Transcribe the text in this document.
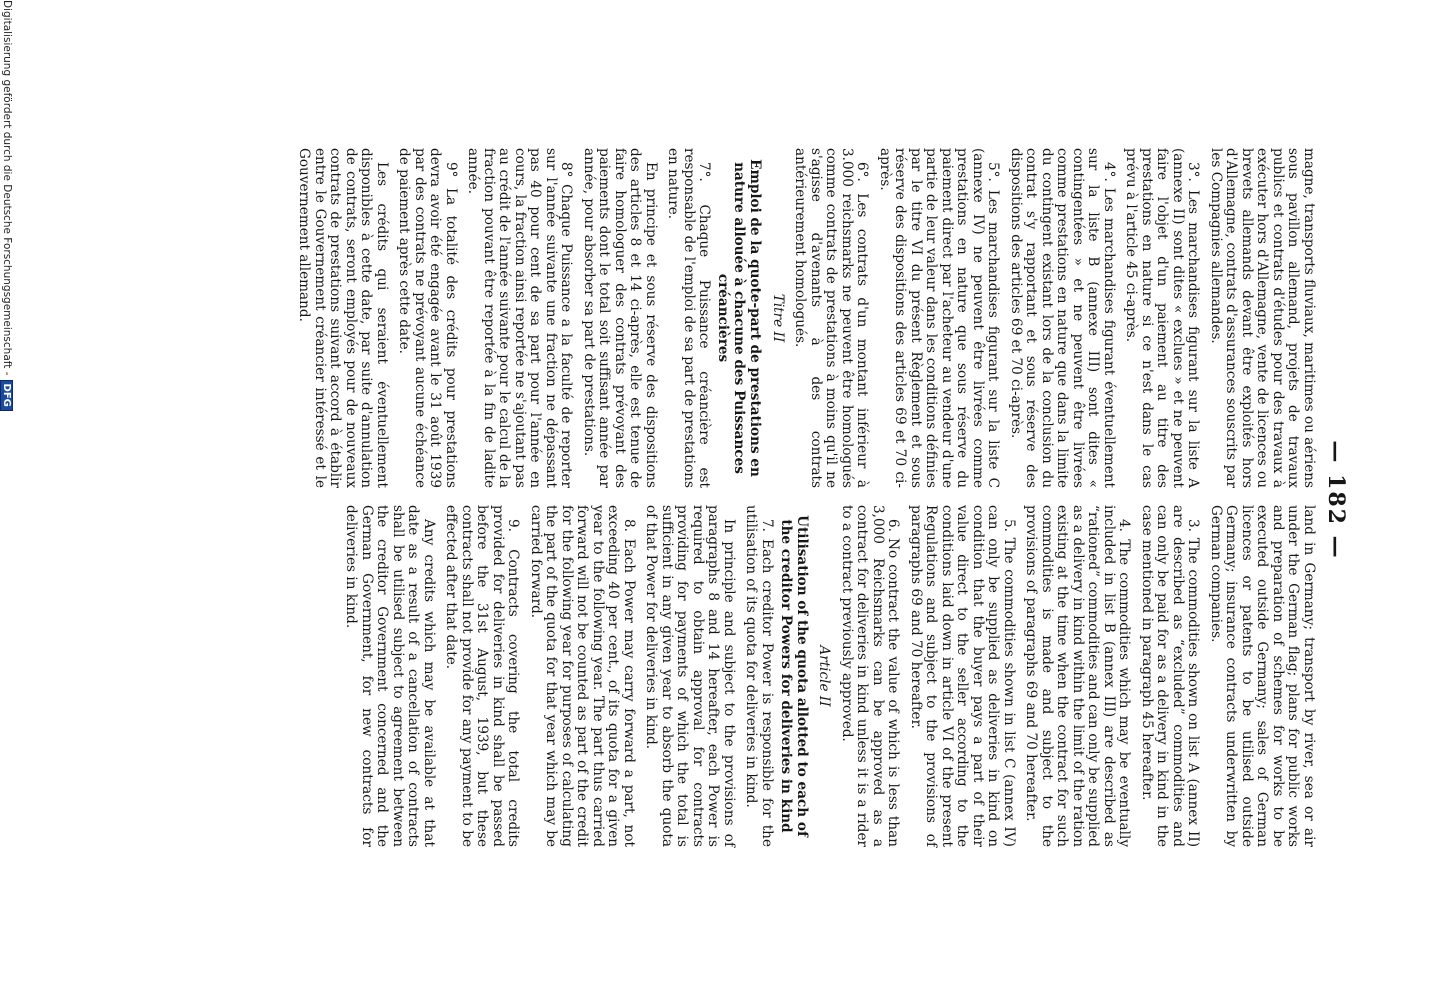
— 182 —

magne, transports fluviaux, maritimes ou aériens sous pavillon allemand, projets de travaux publics et contrats d'études pour des travaux à exécuter hors d'Allemagne, vente de licences ou brevets allemands devant être exploités hors d'Allemagne, contrats d'assurances souscrits par les Compagnies allemandes.

3°. Les marchandises figurant sur la liste A (annexe II) sont dites « exclues » et ne peuvent faire l'objet d'un paiement au titre des prestations en nature si ce n'est dans le cas prévu à l'article 45 ci-après.

4°. Les marchandises figurant éventuellement sur la liste B (annexe III) sont dites « contingentées » et ne peuvent être livrées comme prestations en nature que dans la limite du contingent existant lors de la conclusion du contrat s'y rapportant et sous réserve des dispositions des articles 69 et 70 ci-après.

5°. Les marchandises figurant sur la liste C (annexe IV) ne peuvent être livrées comme prestations en nature que sous réserve du paiement direct par l'acheteur au vendeur d'une partie de leur valeur dans les conditions définies par le titre VI du présent Règlement et sous réserve des dispositions des articles 69 et 70 ci-après.

6°. Les contrats d'un montant inférieur à 3.000 reichsmarks ne peuvent être homologués comme contrats de prestations à moins qu'il ne s'agisse d'avenants à des contrats antérieurement homologués.

Titre II
Emploi de la quote-part de prestations en nature allouée à chacune des Puissances créancières

7°. Chaque Puissance créancière est responsable de l'emploi de sa part de prestations en nature.

En principe et sous réserve des dispositions des articles 8 et 14 ci-après, elle est tenue de faire homologuer des contrats prévoyant des paiements dont le total soit suffisant année par année, pour absorber sa part de prestations.

8° Chaque Puissance a la faculté de reporter sur l'année suivante une fraction ne dépassant pas 40 pour cent de sa part pour l'année en cours, la fraction ainsi reportée ne s'ajoutant pas au crédit de l'année suivante pour le calcul de la fraction pouvant être reportée à la fin de ladite année.

9° La totalité des crédits pour prestations devra avoir été engagée avant le 31 août 1939 par des contrats ne prévoyant aucune échéance de paiement après cette date.

Les crédits qui seraient éventuellement disponibles à cette date, par suite d'annulation de contrats, seront employés pour de nouveaux contrats de prestations suivant accord à établir entre le Gouvernement créancier intéressé et le Gouvernement allemand.

land in Germany; transport by river, sea or air under the German flag; plans for public works and preparation of schemes for works to be executed outside Germany; sales of German licences or patents to be utilised outside Germany; insurance contracts underwritten by German companies.

3. The commodities shown on list A (annex II) are described as “excluded” commodities and can only be paid for as a delivery in kind in the case mentioned in paragraph 45 hereafter.

4. The commodities which may be eventually included in list B (annex III) are described as “rationed” commodities and can only be supplied as a delivery in kind within the limit of the ration existing at the time when the contract for such commodities is made and subject to the provisions of paragraphs 69 and 70 hereafter.

5. The commodities shown in list C (annex IV) can only be supplied as deliveries in kind on condition that the buyer pays a part of their value direct to the seller according to the conditions laid down in article VI of the present Regulations and subject to the provisions of paragraphs 69 and 70 hereafter.

6. No contract the value of which is less than 3,000 Reichsmarks can be approved as a contract for deliveries in kind unless it is a rider to a contract previously approved.

Article II
Utilisation of the quota allotted to each of the creditor Powers for deliveries in kind

7. Each creditor Power is responsible for the utilisation of its quota for deliveries in kind.

In principle and subject to the provisions of paragraphs 8 and 14 hereafter, each Power is required to obtain approval for contracts providing for payments of which the total is sufficient in any given year to absorb the quota of that Power for deliveries in kind.

8. Each Power may carry forward a part, not exceeding 40 per cent., of its quota for a given year to the following year. The part thus carried forward will not be counted as part of the credit for the following year for purposes of calculating the part of the quota for that year which may be carried forward.

9. Contracts covering the total credits provided for deliveries in kind shall be passed before the 31st August, 1939, but these contracts shall not provide for any payment to be effected after that date.

Any credits which may be available at that date as a result of a cancellation of contracts shall be utilised subject to agreement between the creditor Government concerned and the German Government, for new contracts for deliveries in kind.

Digitalisierung gefördert durch die Deutsche Forschungsgemeinschaft -DFG
